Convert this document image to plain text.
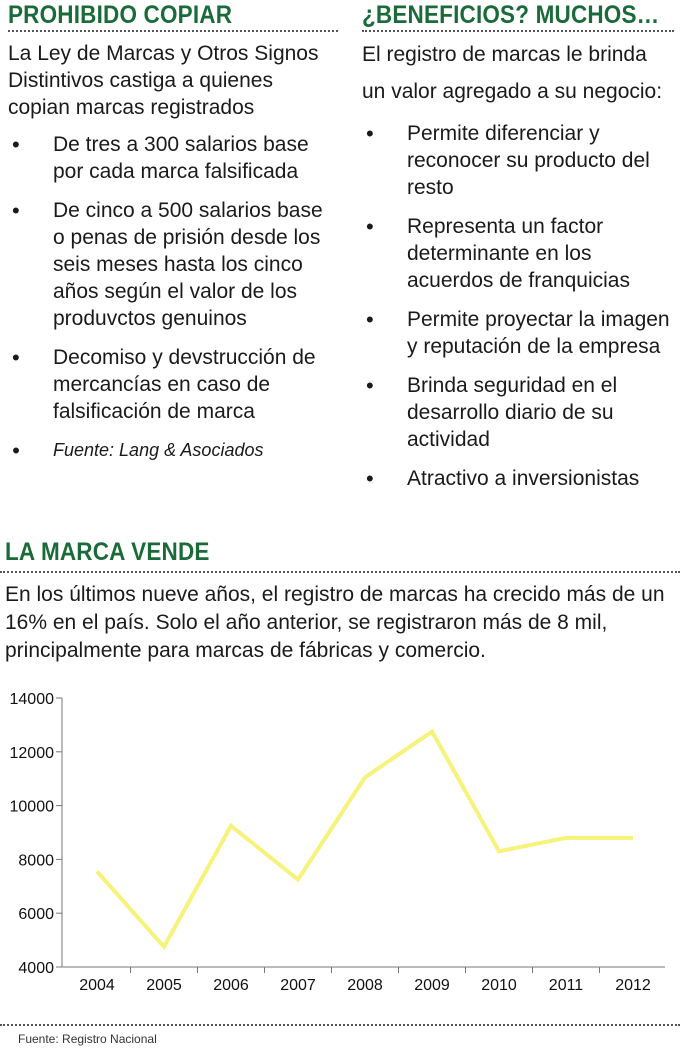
PROHIBIDO COPIAR

La Ley de Marcas y Otros Signos Distintivos castiga a quienes copian marcas registrados

• De tres a 300 salarios base por cada marca falsificada
• De cinco a 500 salarios base o penas de prisión desde los seis meses hasta los cinco años según el valor de los produvctos genuinos
• Decomiso y devstrucción de mercancías en caso de falsificación de marca
• Fuente: Lang & Asociados
¿BENEFICIOS? MUCHOS…

El registro de marcas le brinda un valor agregado a su negocio:

• Permite diferenciar y reconocer su producto del resto
• Representa un factor determinante en los acuerdos de franquicias
• Permite proyectar la imagen y reputación de la empresa
• Brinda seguridad en el desarrollo diario de su actividad
• Atractivo a inversionistas
LA MARCA VENDE

En los últimos nueve años, el registro de marcas ha crecido más de un 16% en el país. Solo el año anterior, se registraron más de 8 mil, principalmente para marcas de fábricas y comercio.

4000
6000
8000
10000
12000
14000
2004 2005 2006 2007 2008 2009 2010 2011 2012
Fuente: Registro Nacional
